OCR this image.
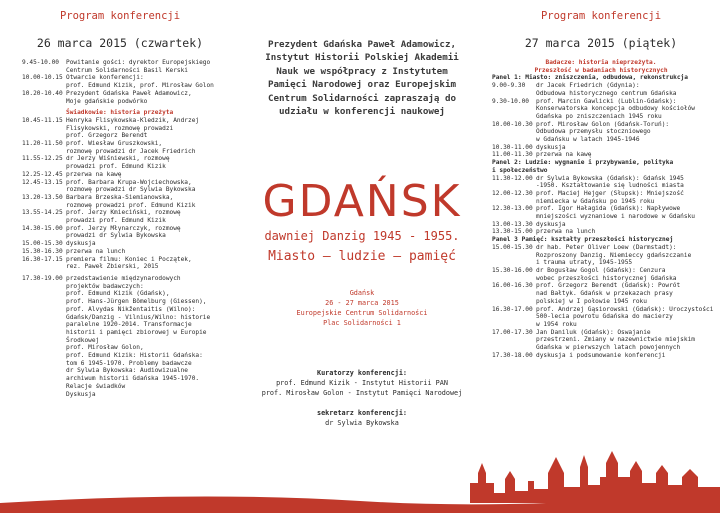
Program konferencji
26 marca 2015 (czwartek)
9.45-10.00	Powitanie gości: dyrektor Europejskiego
Centrum Solidarności Basil Kerski
10.00-10.15 Otwarcie konferencji:
prof. Edmund Kizik, prof. Mirosław Golon
10.20-10.40 Prezydent Gdańska Paweł Adamowicz,
Moje gdańskie podwórko
Świadkowie: historia przeżyta
10.45-11.15 Henryka Flisykowska-Kledzik, Andrzej
Flisykowski, rozmowę prowadzi
prof. Grzegorz Berendt
11.20-11.50 prof. Wiesław Gruszkowski,
rozmowę prowadzi dr Jacek Friedrich
11.55-12.25 dr Jerzy Wiśniewski, rozmowę
prowadzi prof. Edmund Kizik
12.25-12.45 przerwa na kawę
12.45-13.15 prof. Barbara Krupa-Wojciechowska,
rozmowę prowadzi dr Sylwia Bykowska
13.20-13.50 Barbara Brzeska-Siemianowska,
rozmowę prowadzi prof. Edmund Kizik
13.55-14.25 prof. Jerzy Kmieciński, rozmowę
prowadzi prof. Edmund Kizik
14.30-15.00 prof. Jerzy Młynarczyk, rozmowę
prowadzi dr Sylwia Bykowska
15.00-15.30 dyskusja
15.30-16.30 przerwa na lunch
16.30-17.15 premiera filmu: Koniec i Początek,
rez. Paweł Zbierski, 2015
17.30-19.00 przedstawienie międzynarodowych
projektów badawczych:
prof. Edmund Kizik (Gdańsk),
prof. Hans-Jürgen Bömelburg (Giessen),
prof. Alvydas Nikžentaitis (Wilno):
Gdańsk/Danzig - Vilnius/Wilno: historie
paralelne 1920-2014. Transformacje
historii i pamięci zbiorowej w Europie
Środkowej
prof. Mirosław Golon,
prof. Edmund Kizik: Historii Gdańska:
tom 6 1945-1970. Problemy badawcze
dr Sylwia Bykowska: Audiowizualne
archiwum historii Gdańska 1945-1970.
Relacje świadków
Dyskusja
Prezydent Gdańska Paweł Adamowicz,
Instytut Historii Polskiej Akademii
Nauk we współpracy z Instytutem
Pamięci Narodowej oraz Europejskim
Centrum Solidarności zapraszają do
udziału w konferencji naukowej
GDAŃSK
dawniej Danzig 1945 - 1955.
Miasto – ludzie – pamięć
Gdańsk
26 - 27 marca 2015
Europejskie Centrum Solidarności
Plac Solidarności 1
Kuratorzy konferencji:
prof. Edmund Kizik - Instytut Historii PAN
prof. Mirosław Golon - Instytut Pamięci Narodowej
sekretarz konferencji:
dr Sylwia Bykowska
Program konferencji
27 marca 2015 (piątek)
Badacze: historia nieprzeżyta.
Przeszłość w badaniach historycznych
Panel 1: Miasto: zniszczenia, odbudowa, rekonstrukcja
9.00-9.30	dr Jacek Friedrich (Gdynia):
Odbudowa historycznego centrum Gdańska
9.30-10.00	prof. Marcin Gawlicki (Lublin-Gdańsk):
Konserwatorska koncepcja odbudowy kościołów
Gdańska po zniszczeniach 1945 roku
10.00-10.30 prof. Mirosław Golon (Gdańsk-Toruń):
Odbudowa przemysłu stoczniowego
w Gdańsku w latach 1945-1946
10.30-11.00 dyskusja
11.00-11.30 przerwa na kawę
Panel 2: Ludzie: wygnanie i przybywanie, polityka
i społeczeństwo
11.30-12.00 dr Sylwia Bykowska (Gdańsk): Gdańsk 1945
-1950. Kształtowanie się ludności miasta
12.00-12.30 prof. Maciej Hejger (Słupsk): Mniejszość
niemiecka w Gdańsku po 1945 roku
12.30-13.00 prof. Igor Hałagida (Gdańsk): Napływowe
mniejszości wyznaniowe i narodowe w Gdańsku
13.00-13.30 dyskusja
13.30-15.00 przerwa na lunch
Panel 3 Pamięć: kształty przeszłości historycznej
15.00-15.30 dr hab. Peter Oliver Loew (Darmstadt):
Rozproszony Danzig. Niemieccy gdańszczanie
i trauma utraty, 1945-1955
15.30-16.00 dr Bogusław Gogol (Gdańsk): Cenzura
wobec przeszłości historycznej Gdańska
16.00-16.30 prof. Grzegorz Berendt (Gdańsk): Powrót
nad Bałtyk. Gdańsk w przekazach prasy
polskiej w I połowie 1945 roku
16.30-17.00 prof. Andrzej Gąsiorowski (Gdańsk): Uroczystości
500-lecia powrotu Gdańska do macierzy
w 1954 roku
17.00-17.30 Jan Daniluk (Gdańsk): Oswajanie
przestrzeni. Zmiany w nazewnictwie miejskim
Gdańska w pierwszych latach powojennych
17.30-18.00 dyskusja i podsumowanie konferencji
